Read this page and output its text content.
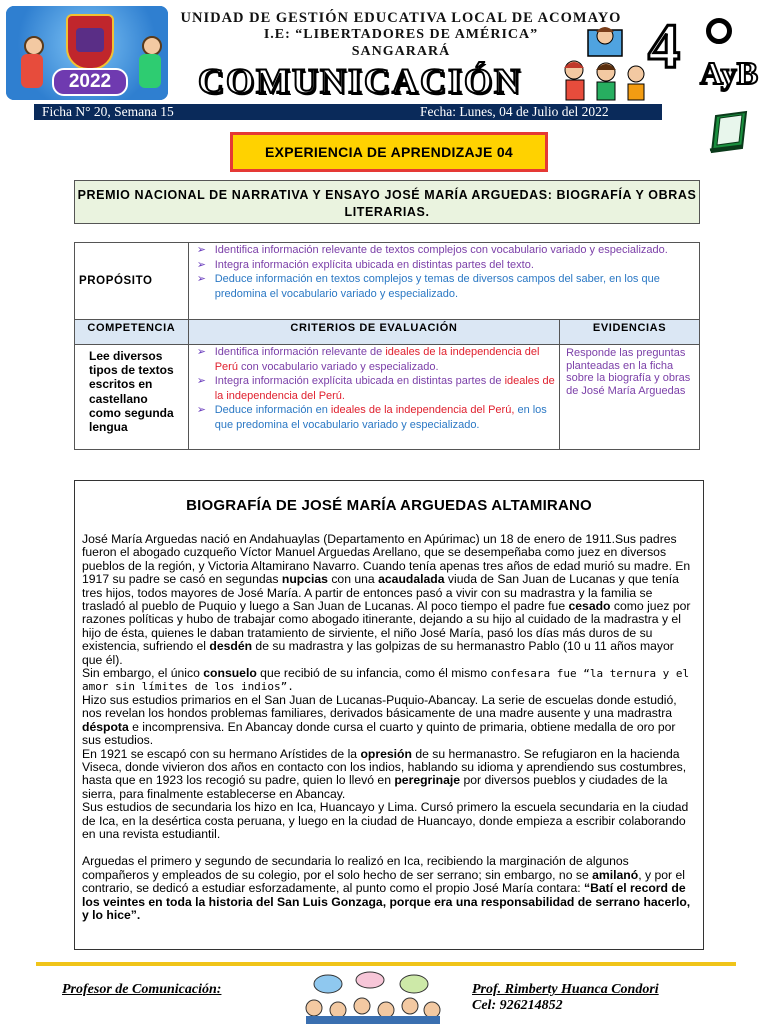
2022
UNIDAD DE GESTIÓN EDUCATIVA LOCAL DE ACOMAYO
I.E: “LIBERTADORES DE AMÉRICA”
SANGARARÁ
COMUNICACIÓN 4 AyB
Ficha N° 20, Semana 15	Fecha: Lunes, 04 de Julio del 2022
EXPERIENCIA DE APRENDIZAJE 04
PREMIO NACIONAL DE NARRATIVA Y ENSAYO JOSÉ MARÍA ARGUEDAS: BIOGRAFÍA Y OBRAS LITERARIAS.
PROPÓSITO	➢ Identifica información relevante de textos complejos con vocabulario variado y especializado.
➢ Integra información explícita ubicada en distintas partes del texto.
➢ Deduce información en textos complejos y temas de diversos campos del saber, en los que predomina el vocabulario variado y especializado.

COMPETENCIA	CRITERIOS DE EVALUACIÓN	EVIDENCIAS
Lee diversos tipos de textos escritos en castellano como segunda lengua	➢ Identifica información relevante de ideales de la independencia del Perú con vocabulario variado y especializado.
➢ Integra información explícita ubicada en distintas partes de ideales de la independencia del Perú.
➢ Deduce información en ideales de la independencia del Perú, en los que predomina el vocabulario variado y especializado.	Responde las preguntas planteadas en la ficha sobre la biografía y obras de José María Arguedas
BIOGRAFÍA DE JOSÉ MARÍA ARGUEDAS ALTAMIRANO

José María Arguedas nació en Andahuaylas (Departamento en Apúrimac) un 18 de enero de 1911.Sus padres fueron el abogado cuzqueño Víctor Manuel Arguedas Arellano, que se desempeñaba como juez en diversos pueblos de la región, y Victoria Altamirano Navarro. Cuando tenía apenas tres años de edad murió su madre. En 1917 su padre se casó en segundas nupcias con una acaudalada viuda de San Juan de Lucanas y que tenía tres hijos, todos mayores de José María. A partir de entonces pasó a vivir con su madrastra y la familia se trasladó al pueblo de Puquio y luego a San Juan de Lucanas. Al poco tiempo el padre fue cesado como juez por razones políticas y hubo de trabajar como abogado itinerante, dejando a su hijo al cuidado de la madrastra y el hijo de ésta, quienes le daban tratamiento de sirviente, el niño José María, pasó los días más duros de su existencia, sufriendo el desdén de su madrastra y las golpizas de su hermanastro Pablo (10 u 11 años mayor que él).

Sin embargo, el único consuelo que recibió de su infancia, como él mismo confesara fue “la ternura y el amor sin límites de los indios”.

Hizo sus estudios primarios en el San Juan de Lucanas-Puquio-Abancay. La serie de escuelas donde estudió, nos revelan los hondos problemas familiares, derivados básicamente de una madre ausente y una madrastra déspota e incomprensiva. En Abancay donde cursa el cuarto y quinto de primaria, obtiene medalla de oro por sus estudios.

En 1921 se escapó con su hermano Arístides de la opresión de su hermanastro. Se refugiaron en la hacienda Viseca, donde vivieron dos años en contacto con los indios, hablando su idioma y aprendiendo sus costumbres, hasta que en 1923 los recogió su padre, quien lo llevó en peregrinaje por diversos pueblos y ciudades de la sierra, para finalmente establecerse en Abancay.

Sus estudios de secundaria los hizo en Ica, Huancayo y Lima. Cursó primero la escuela secundaria en la ciudad de Ica, en la desértica costa peruana, y luego en la ciudad de Huancayo, donde empieza a escribir colaborando en una revista estudiantil.

Arguedas el primero y segundo de secundaria lo realizó en Ica, recibiendo la marginación de algunos compañeros y empleados de su colegio, por el solo hecho de ser serrano; sin embargo, no se amilanó, y por el contrario, se dedicó a estudiar esforzadamente, al punto como el propio José María contara: “Batí el record de los veintes en toda la historia del San Luis Gonzaga, porque era una responsabilidad de serrano hacerlo, y lo hice”.

Profesor de Comunicación:	Prof. Rimberty Huanca Condori
Cel: 926214852
